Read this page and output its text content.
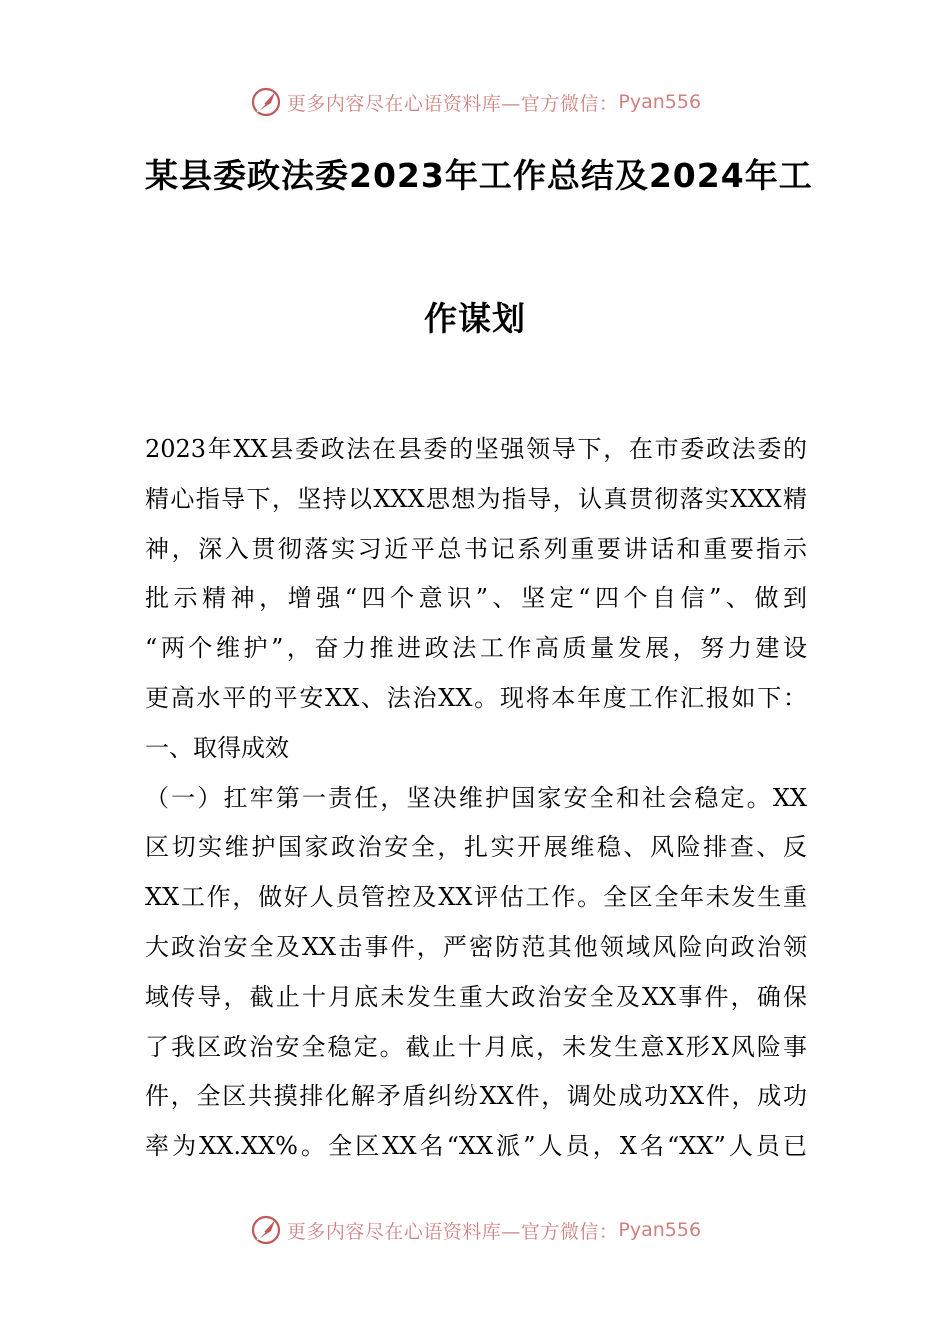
更多内容尽在心语资料库—官方微信： Pyan556
某县委政法委2023年工作总结及2024年工
作谋划
2023年XX县委政法在县委的坚强领导下，在市委政法委的
精心指导下，坚持以XXX思想为指导，认真贯彻落实XXX精
神，深入贯彻落实习近平总书记系列重要讲话和重要指示
批示精神，增强“四个意识”、坚定“四个自信”、做到
“两个维护”，奋力推进政法工作高质量发展，努力建设
更高水平的平安XX、法治XX。现将本年度工作汇报如下：
一、取得成效
（一）扛牢第一责任，坚决维护国家安全和社会稳定。XX
区切实维护国家政治安全，扎实开展维稳、风险排查、反
XX工作，做好人员管控及XX评估工作。全区全年未发生重
大政治安全及XX击事件，严密防范其他领域风险向政治领
域传导，截止十月底未发生重大政治安全及XX事件，确保
了我区政治安全稳定。截止十月底，未发生意X形X风险事
件，全区共摸排化解矛盾纠纷XX件，调处成功XX件，成功
率为XX.XX%。全区XX名“XX派”人员，X名“XX”人员已
更多内容尽在心语资料库—官方微信： Pyan556
